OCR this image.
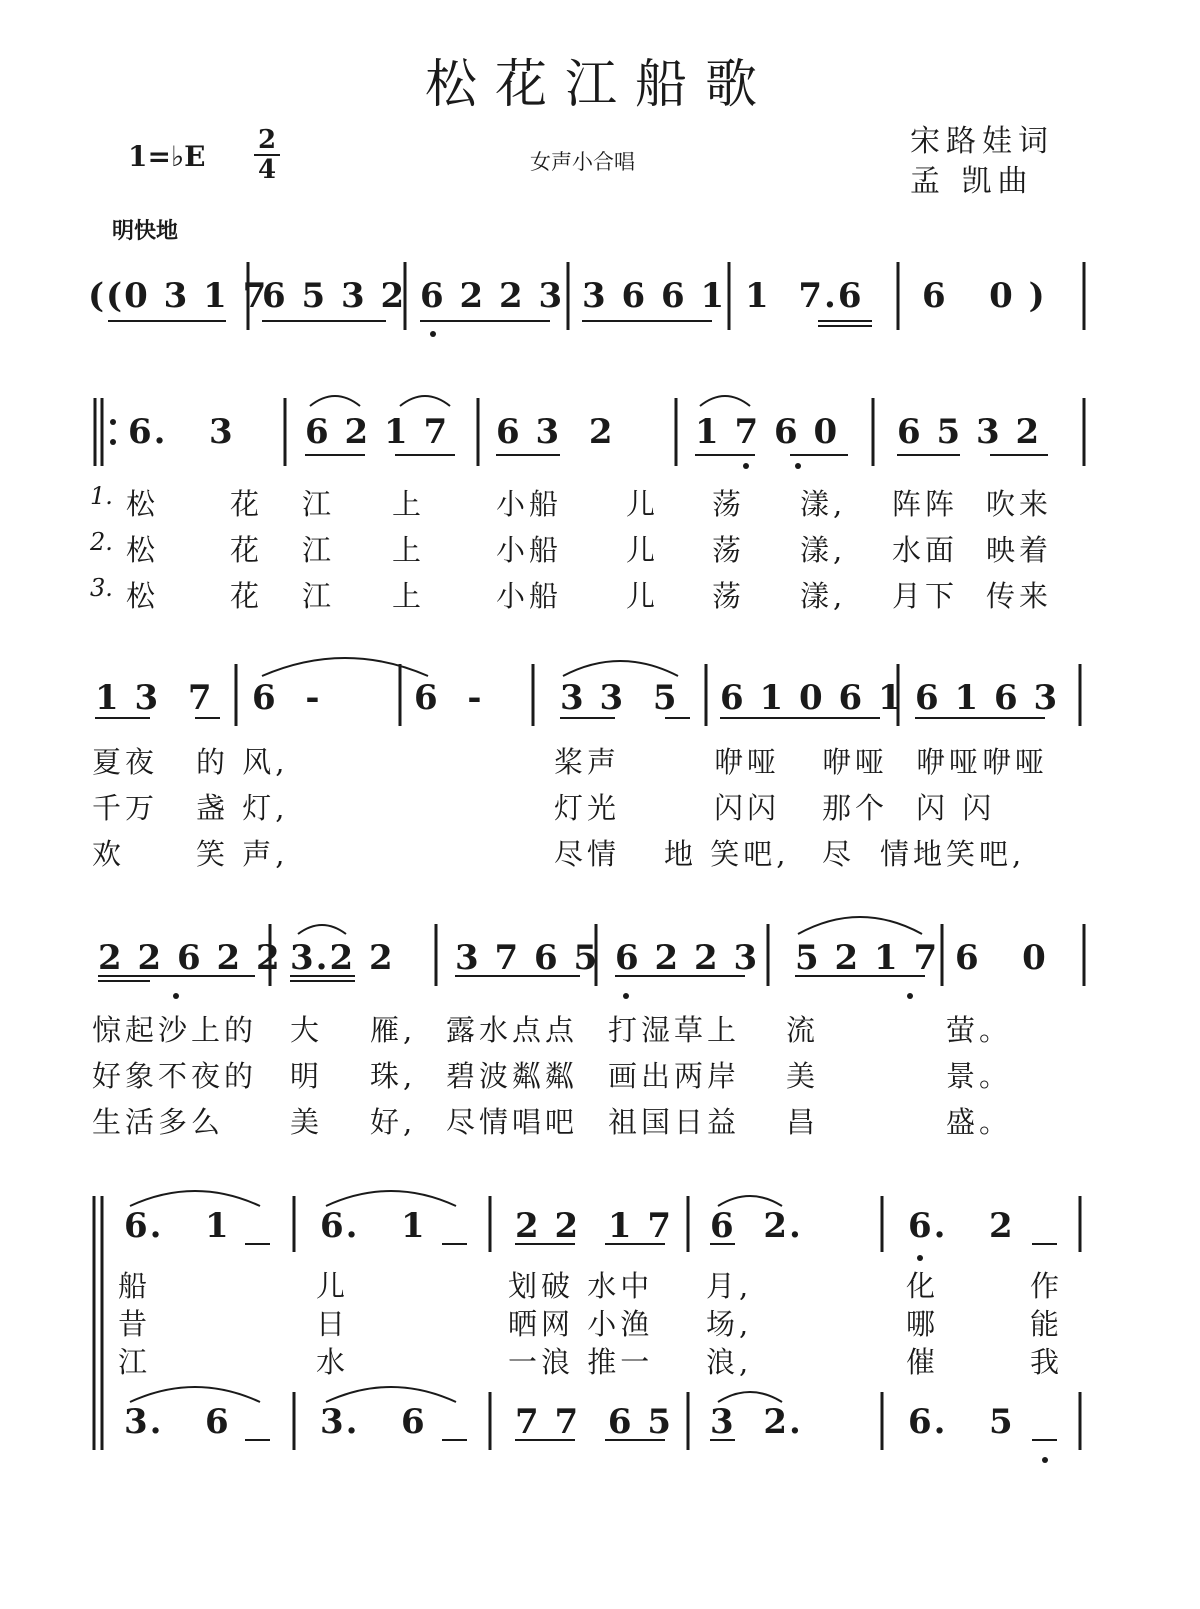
松花江船歌
1=♭E 2
4	女声小合唱
宋路娃词
孟 凯曲
明快地
( (0 3 1 7
6 5 3 2 6 2 2 3 3 6 6 1 1  7.6 6   0 )
6.   3 6 2 1 7 6 3  2 1 7 6 0 6 5 3 2
1.
2.
3.
松 花 江 上 小船 儿 荡 漾, 阵阵 吹来
松 花 江 上 小船 儿 荡 漾, 水面 映着
松 花 江 上 小船 儿 荡 漾, 月下 传来
1 3  7 6  -	6  - 3 3  5 6 1 0 6 1 6 1 6 3
夏夜 的 风,	桨声	咿哑 咿哑 咿哑咿哑
千万 盏 灯,	灯光	闪闪 那个 闪 闪
欢 笑 声,	尽情 地 笑吧, 尽 情地笑吧,
2 2 6 2 2 3.2 2 3 7 6 5 6 2 2 3 5 2 1 7 6   0
惊起沙上的 大 雁, 露水点点 打湿草上 流	萤。
好象不夜的 明 珠, 碧波粼粼 画出两岸 美	景。
生活多么 美 好, 尽情唱吧 祖国日益 昌	盛。
6.   1	6.   1	2 2  1 7 6  2.	6.   2
船	儿	划破 水中 月,	化	作
昔	日	晒网 小渔 场,	哪	能
江	水	一浪 推一 浪,	催	我
3.   6	3.   6	7 7  6 5 3  2.	6.   5
